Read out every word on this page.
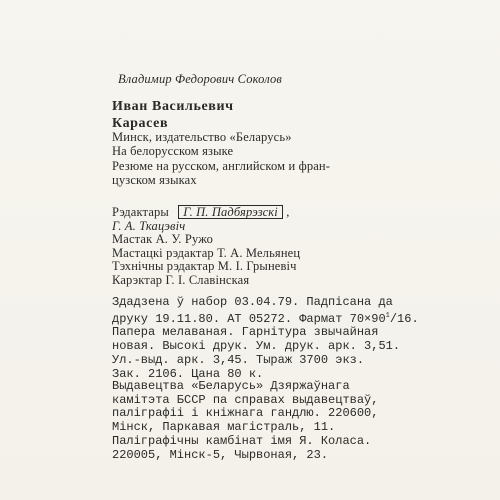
Владимир Федорович Соколов
Иван Васильевич
Карасев
Минск, издательство «Беларусь»
На белорусском языке
Резюме на русском, английском и фран-
цузском языках
Рэдактары Г. П. Падбярэзскі ,
Г. А. Ткацэвіч
Мастак А. У. Ружо
Мастацкі рэдактар Т. А. Мельянец
Тэхнічны рэдактар М. І. Грыневіч
Карэктар Г. І. Славінская
Здадзена ў набор 03.04.79. Падпісана да
друку 19.11.80. АТ 05272. Фармат $70\times 90^1/16$.
Папера мелаваная. Гарнітура звычайная
новая. Высокі друк. Ум. друк. арк. 3,51.
Ул.-выд. арк. 3,45. Тыраж 3700 экз.
Зак. 2106. Цана 80 к.
Выдавецтва «Беларусь» Дзяржаўнага
камітэта БССР па справах выдавецтваў,
паліграфіі і кніжнага гандлю. 220600,
Мінск, Паркавая магістраль, 11.
Паліграфічны камбінат імя Я. Коласа.
220005, Мінск-5, Чырвоная, 23.
